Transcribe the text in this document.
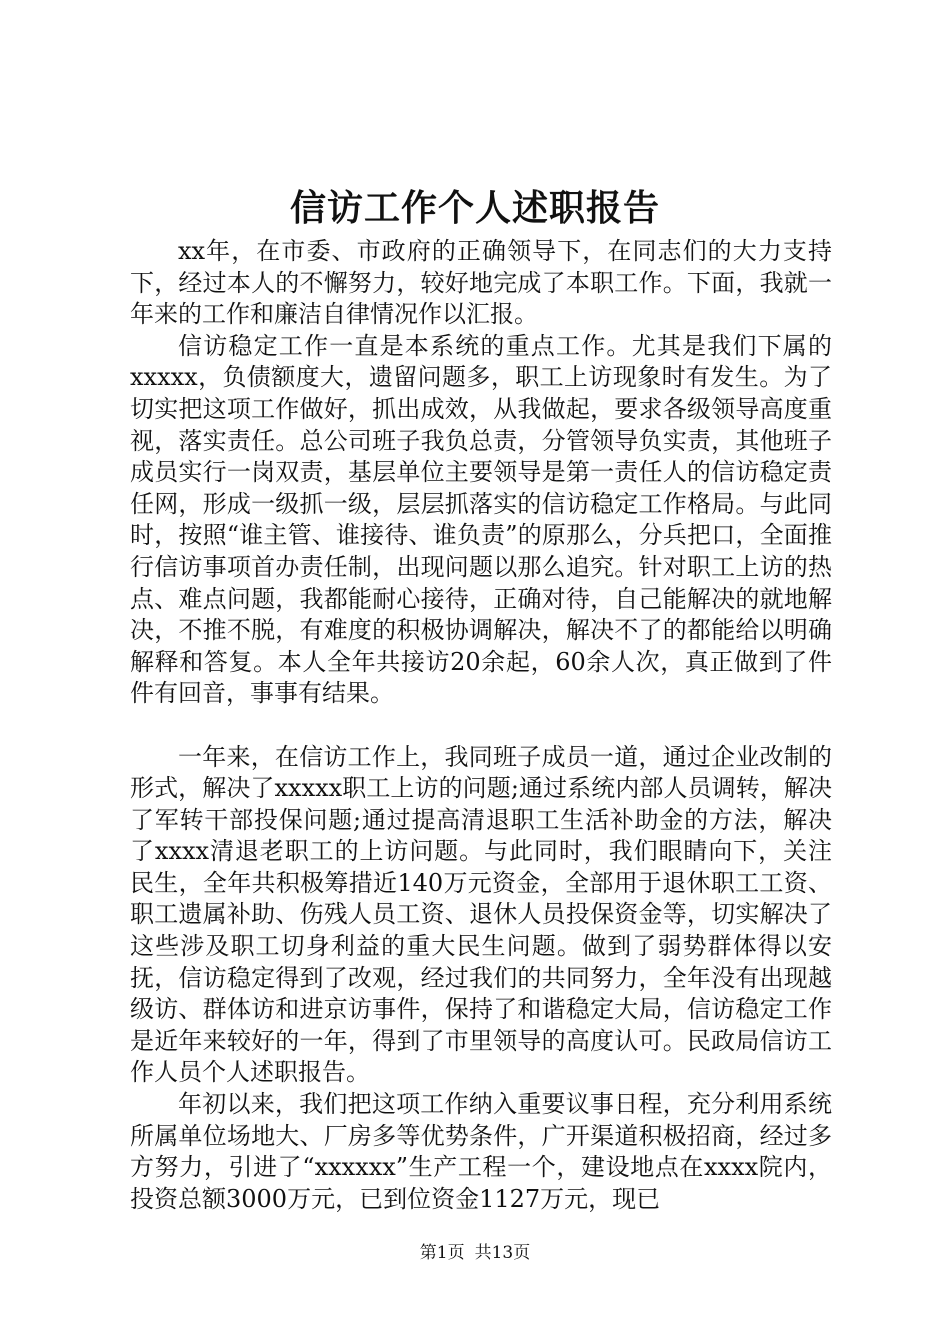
信访工作个人述职报告

xx年，在市委、市政府的正确领导下，在同志们的大力支持下，经过本人的不懈努力，较好地完成了本职工作。下面，我就一年来的工作和廉洁自律情况作以汇报。

信访稳定工作一直是本系统的重点工作。尤其是我们下属的xxxxx，负债额度大，遗留问题多，职工上访现象时有发生。为了切实把这项工作做好，抓出成效，从我做起，要求各级领导高度重视，落实责任。总公司班子我负总责，分管领导负实责，其他班子成员实行一岗双责，基层单位主要领导是第一责任人的信访稳定责任网，形成一级抓一级，层层抓落实的信访稳定工作格局。与此同时，按照“谁主管、谁接待、谁负责”的原那么，分兵把口，全面推行信访事项首办责任制，出现问题以那么追究。针对职工上访的热点、难点问题，我都能耐心接待，正确对待，自己能解决的就地解决，不推不脱，有难度的积极协调解决，解决不了的都能给以明确解释和答复。本人全年共接访20余起，60余人次，真正做到了件件有回音，事事有结果。

一年来，在信访工作上，我同班子成员一道，通过企业改制的形式，解决了xxxxx职工上访的问题;通过系统内部人员调转，解决了军转干部投保问题;通过提高清退职工生活补助金的方法，解决了xxxx清退老职工的上访问题。与此同时，我们眼睛向下，关注民生，全年共积极筹措近140万元资金，全部用于退休职工工资、职工遗属补助、伤残人员工资、退休人员投保资金等，切实解决了这些涉及职工切身利益的重大民生问题。做到了弱势群体得以安抚，信访稳定得到了改观，经过我们的共同努力，全年没有出现越级访、群体访和进京访事件，保持了和谐稳定大局，信访稳定工作是近年来较好的一年，得到了市里领导的高度认可。民政局信访工作人员个人述职报告。

年初以来，我们把这项工作纳入重要议事日程，充分利用系统所属单位场地大、厂房多等优势条件，广开渠道积极招商，经过多方努力，引进了“xxxxxx”生产工程一个，建设地点在xxxx院内，投资总额3000万元，已到位资金1127万元，现已

第1页 共13页
